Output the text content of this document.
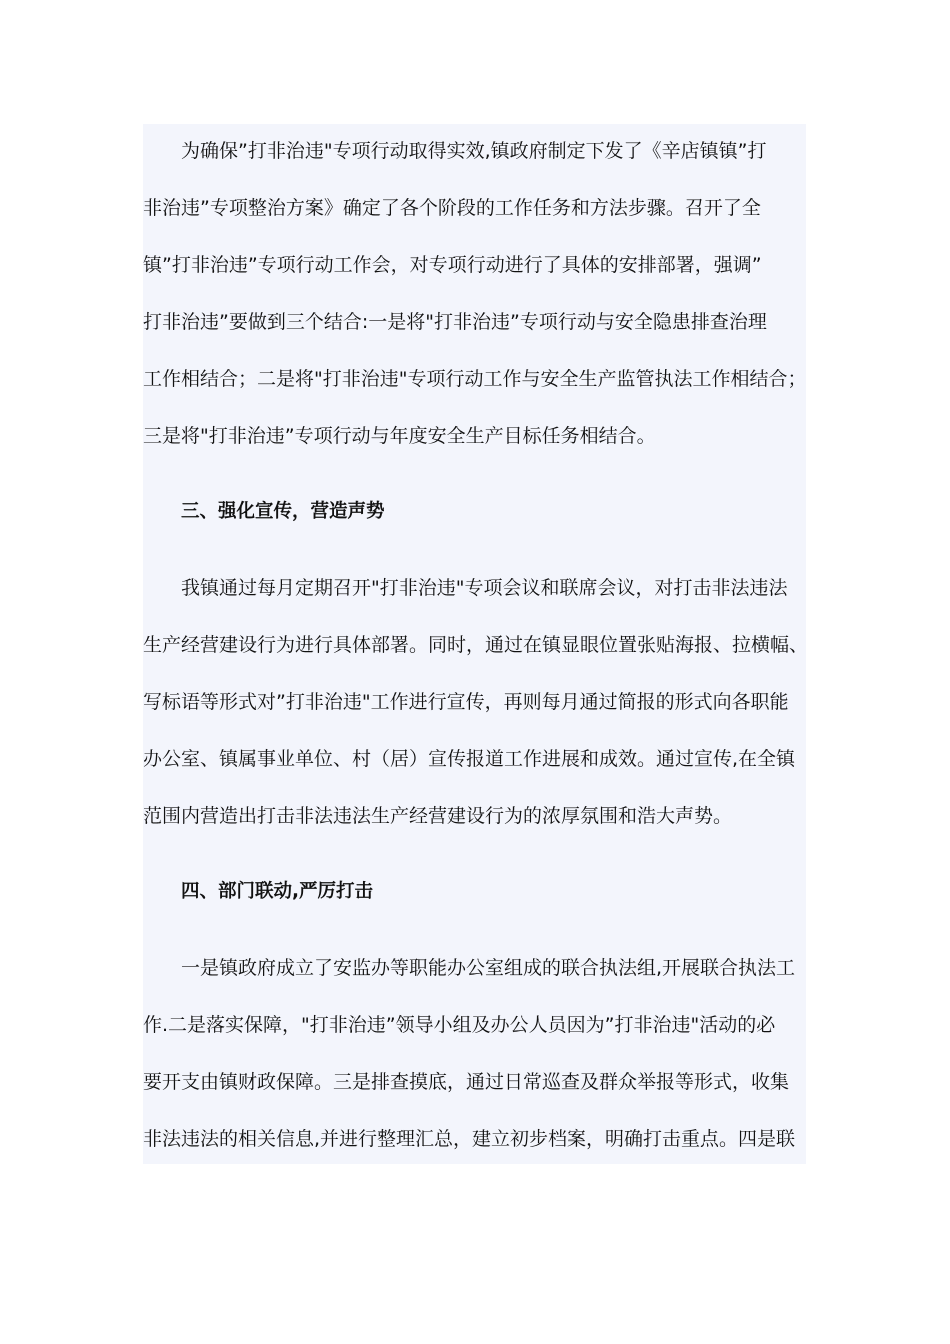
为确保”打非治违"专项行动取得实效,镇政府制定下发了《辛店镇镇”打
非治违”专项整治方案》确定了各个阶段的工作任务和方法步骤。召开了全
镇”打非治违”专项行动工作会，对专项行动进行了具体的安排部署，强调”
打非治违”要做到三个结合:一是将"打非治违”专项行动与安全隐患排查治理
工作相结合；二是将"打非治违"专项行动工作与安全生产监管执法工作相结合；
三是将"打非治违”专项行动与年度安全生产目标任务相结合。
三、强化宣传，营造声势
我镇通过每月定期召开"打非治违"专项会议和联席会议，对打击非法违法
生产经营建设行为进行具体部署。同时，通过在镇显眼位置张贴海报、拉横幅、
写标语等形式对”打非治违"工作进行宣传，再则每月通过简报的形式向各职能
办公室、镇属事业单位、村（居）宣传报道工作进展和成效。通过宣传,在全镇
范围内营造出打击非法违法生产经营建设行为的浓厚氛围和浩大声势。
四、部门联动,严厉打击
一是镇政府成立了安监办等职能办公室组成的联合执法组,开展联合执法工
作.二是落实保障，"打非治违”领导小组及办公人员因为”打非治违"活动的必
要开支由镇财政保障。三是排查摸底，通过日常巡查及群众举报等形式，收集
非法违法的相关信息,并进行整理汇总，建立初步档案，明确打击重点。四是联
